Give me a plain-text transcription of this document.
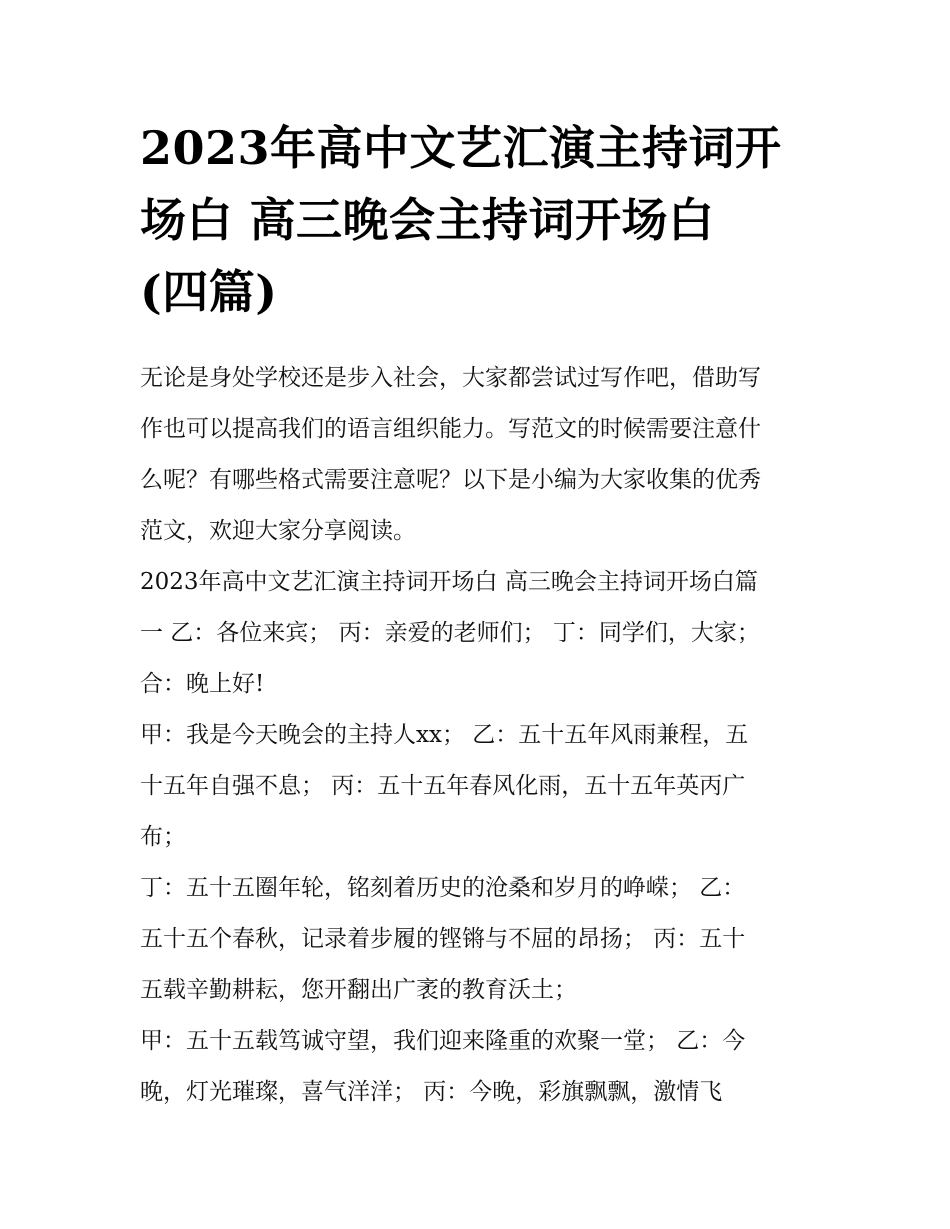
2023年高中文艺汇演主持词开
场白 高三晚会主持词开场白
(四篇)

无论是身处学校还是步入社会，大家都尝试过写作吧，借助写
作也可以提高我们的语言组织能力。写范文的时候需要注意什
么呢？有哪些格式需要注意呢？以下是小编为大家收集的优秀
范文，欢迎大家分享阅读。

2023年高中文艺汇演主持词开场白 高三晚会主持词开场白篇
一 乙：各位来宾； 丙：亲爱的老师们； 丁：同学们，大家；
合：晚上好!

甲：我是今天晚会的主持人xx； 乙：五十五年风雨兼程，五
十五年自强不息； 丙：五十五年春风化雨，五十五年英丙广
布；

丁：五十五圈年轮，铭刻着历史的沧桑和岁月的峥嵘； 乙：
五十五个春秋，记录着步履的铿锵与不屈的昂扬； 丙：五十
五载辛勤耕耘，您开翻出广袤的教育沃土；

甲：五十五载笃诚守望，我们迎来隆重的欢聚一堂； 乙：今
晚，灯光璀璨，喜气洋洋； 丙：今晚，彩旗飘飘，激情飞
